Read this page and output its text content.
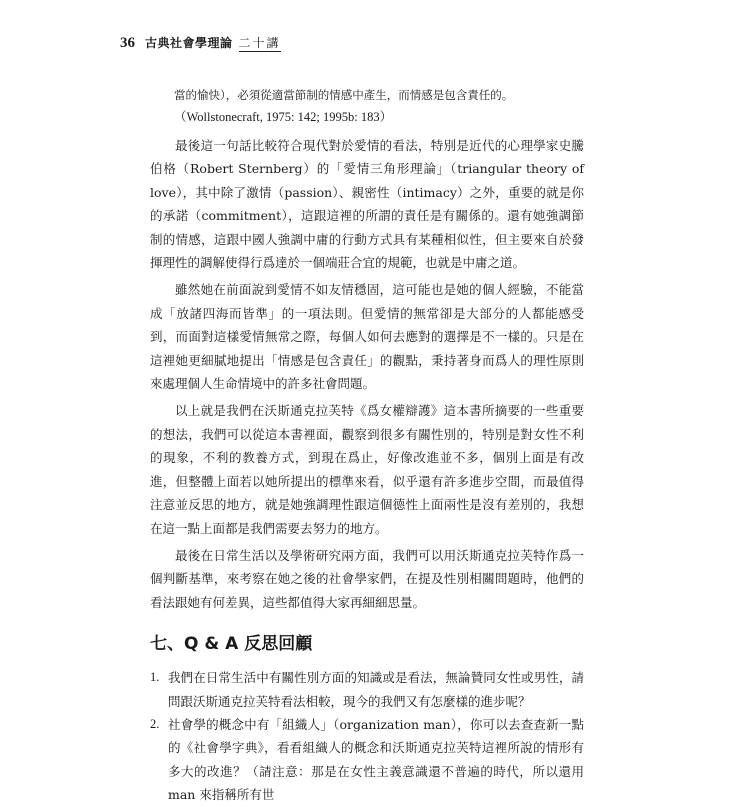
36 古典社會學理論 二十講

當的愉快），必須從適當節制的情感中產生，而情感是包含責任的。

（Wollstonecraft, 1975: 142; 1995b: 183）

最後這一句話比較符合現代對於愛情的看法，特別是近代的心理學家史騰伯格（Robert Sternberg）的「愛情三角形理論」（triangular theory of love），其中除了激情（passion）、親密性（intimacy）之外，重要的就是你的承諾（commitment），這跟這裡的所謂的責任是有關係的。還有她強調節制的情感，這跟中國人強調中庸的行動方式具有某種相似性，但主要來自於發揮理性的調解使得行爲達於一個端莊合宜的規範，也就是中庸之道。

雖然她在前面說到愛情不如友情穩固，這可能也是她的個人經驗，不能當成「放諸四海而皆準」的一項法則。但愛情的無常卻是大部分的人都能感受到，而面對這樣愛情無常之際，每個人如何去應對的選擇是不一樣的。只是在這裡她更細膩地提出「情感是包含責任」的觀點，秉持著身而爲人的理性原則來處理個人生命情境中的許多社會問題。

以上就是我們在沃斯通克拉芙特《爲女權辯護》這本書所摘要的一些重要的想法，我們可以從這本書裡面，觀察到很多有關性別的，特別是對女性不利的現象，不利的教養方式，到現在爲止，好像改進並不多，個別上面是有改進，但整體上面若以她所提出的標準來看，似乎還有許多進步空間，而最值得注意並反思的地方，就是她強調理性跟這個德性上面兩性是沒有差別的，我想在這一點上面都是我們需要去努力的地方。

最後在日常生活以及學術研究兩方面，我們可以用沃斯通克拉芙特作爲一個判斷基準，來考察在她之後的社會學家們，在提及性別相關問題時，他們的看法跟她有何差異，這些都值得大家再細細思量。

七、Q & A 反思回顧
1. 我們在日常生活中有關性別方面的知識或是看法，無論贊同女性或男性，請問跟沃斯通克拉芙特看法相較，現今的我們又有怎麼樣的進步呢？
2. 社會學的概念中有「組織人」（organization man），你可以去查查新一點的《社會學字典》，看看組織人的概念和沃斯通克拉芙特這裡所說的情形有多大的改進？（請注意：那是在女性主義意識還不普遍的時代，所以還用 man 來指稱所有世
